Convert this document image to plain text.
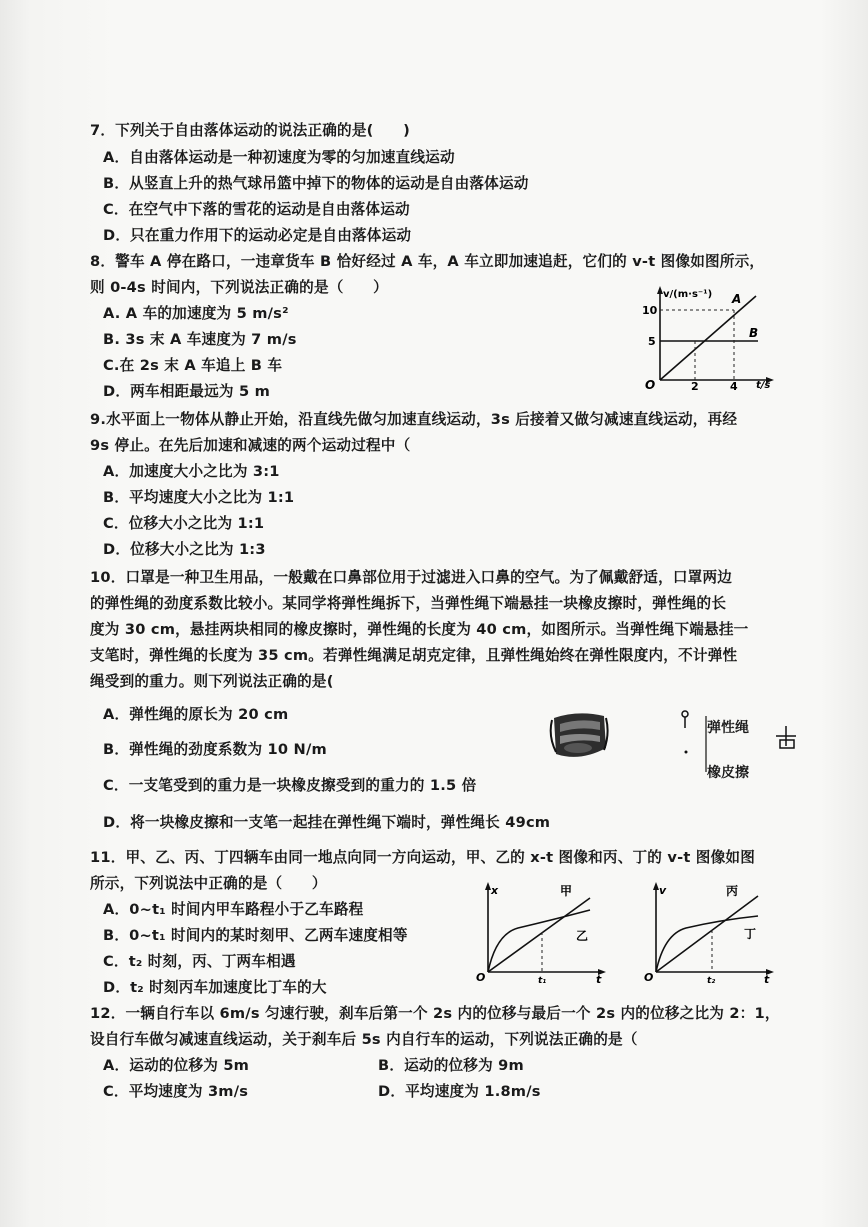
7．下列关于自由落体运动的说法正确的是(　　)
A．自由落体运动是一种初速度为零的匀加速直线运动
B．从竖直上升的热气球吊篮中掉下的物体的运动是自由落体运动
C．在空气中下落的雪花的运动是自由落体运动
D．只在重力作用下的运动必定是自由落体运动
8．警车 A 停在路口，一违章货车 B 恰好经过 A 车，A 车立即加速追赶，它们的 v-t 图像如图所示，
则 0-4s 时间内，下列说法正确的是（　　）
A. A 车的加速度为 5 m/s²
B. 3s 末 A 车速度为 7 m/s
C.在 2s 末 A 车追上 B 车
D．两车相距最远为 5 m
v/(m·s⁻¹)
t/s
O
10
5
2	4
A
B
9.水平面上一物体从静止开始，沿直线先做匀加速直线运动，3s 后接着又做匀减速直线运动，再经
9s 停止。在先后加速和减速的两个运动过程中（
A．加速度大小之比为 3:1
B．平均速度大小之比为 1:1
C．位移大小之比为 1:1
D．位移大小之比为 1:3
10．口罩是一种卫生用品，一般戴在口鼻部位用于过滤进入口鼻的空气。为了佩戴舒适，口罩两边
的弹性绳的劲度系数比较小。某同学将弹性绳拆下，当弹性绳下端悬挂一块橡皮擦时，弹性绳的长
度为 30 cm，悬挂两块相同的橡皮擦时，弹性绳的长度为 40 cm，如图所示。当弹性绳下端悬挂一
支笔时，弹性绳的长度为 35 cm。若弹性绳满足胡克定律，且弹性绳始终在弹性限度内，不计弹性
绳受到的重力。则下列说法正确的是(
A．弹性绳的原长为 20 cm
B．弹性绳的劲度系数为 10 N/m
C．一支笔受到的重力是一块橡皮擦受到的重力的 1.5 倍
D．将一块橡皮擦和一支笔一起挂在弹性绳下端时，弹性绳长 49cm
弹性绳
橡皮擦
11．甲、乙、丙、丁四辆车由同一地点向同一方向运动，甲、乙的 x-t 图像和丙、丁的 v-t 图像如图
所示，下列说法中正确的是（　　）
A．0~t₁ 时间内甲车路程小于乙车路程
B．0~t₁ 时间内的某时刻甲、乙两车速度相等
C．t₂ 时刻，丙、丁两车相遇
D．t₂ 时刻丙车加速度比丁车的大
x
t
O	t₁
甲
乙
v
t
O	t₂
丙
丁
12．一辆自行车以 6m/s 匀速行驶，刹车后第一个 2s 内的位移与最后一个 2s 内的位移之比为 2：1，
设自行车做匀减速直线运动，关于刹车后 5s 内自行车的运动，下列说法正确的是（
A．运动的位移为 5m	B．运动的位移为 9m
C．平均速度为 3m/s	D．平均速度为 1.8m/s
